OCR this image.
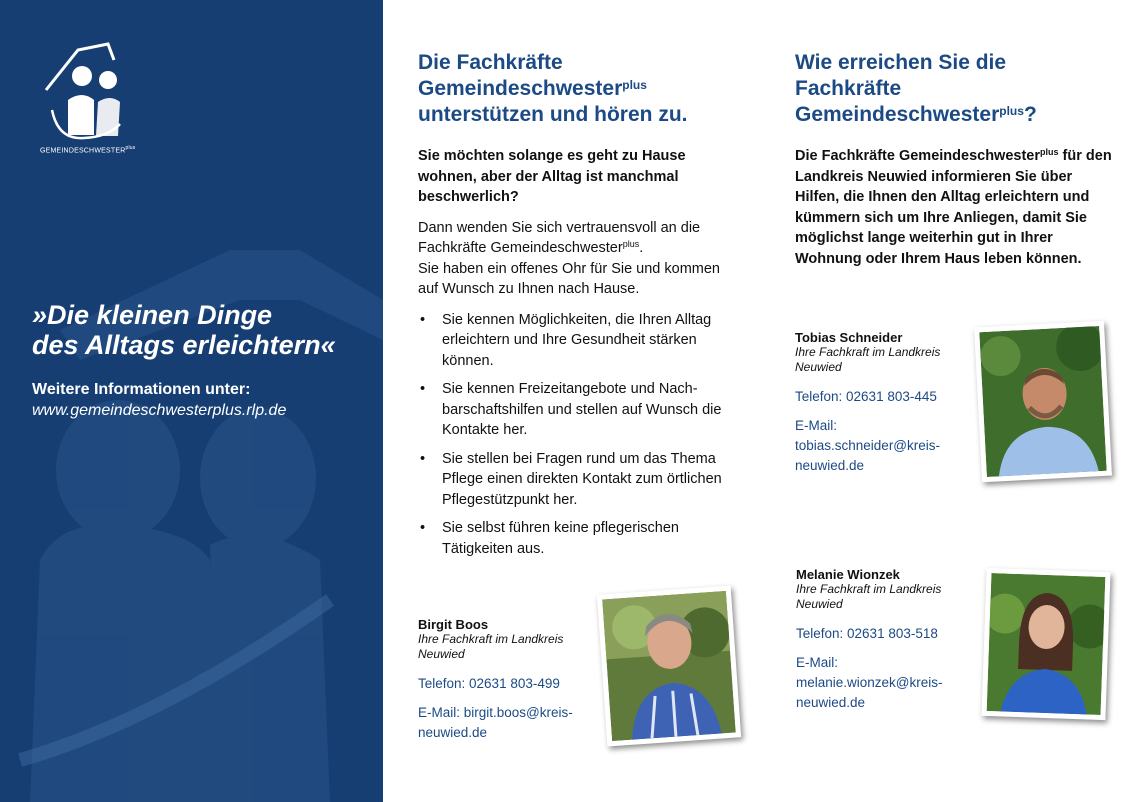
$GEMEINDESCHWESTER^{plus}$
»Die kleinen Dinge
des Alltags erleichtern«
Weitere Informationen unter:
www.gemeindeschwesterplus.rlp.de
Die Fachkräfte
Gemeindeschwester$^{plus}$
unterstützen und hören zu.
Sie möchten solange es geht zu Hause wohnen, aber der Alltag ist manchmal beschwerlich?
Dann wenden Sie sich vertrauensvoll an die Fachkräfte Gemeindeschwester$^{plus}$.
Sie haben ein offenes Ohr für Sie und kommen auf Wunsch zu Ihnen nach Hause.
• Sie kennen Möglichkeiten, die Ihren Alltag erleichtern und Ihre Gesundheit stärken können.
• Sie kennen Freizeitangebote und Nach-barschaftshilfen und stellen auf Wunsch die Kontakte her.
• Sie stellen bei Fragen rund um das Thema Pflege einen direkten Kontakt zum örtlichen Pflegestützpunkt her.
• Sie selbst führen keine pflegerischen Tätigkeiten aus.
Wie erreichen Sie die
Fachkräfte
Gemeindeschwester$^{plus}$?
Die Fachkräfte Gemeindeschwester$^{plus}$ für den Landkreis Neuwied informieren Sie über Hilfen, die Ihnen den Alltag erleichtern und kümmern sich um Ihre Anliegen, damit Sie möglichst lange weiterhin gut in Ihrer Wohnung oder Ihrem Haus leben können.
Birgit Boos
Ihre Fachkraft im Landkreis
Neuwied
Telefon: 02631 803-499
E-Mail: birgit.boos@kreis-
neuwied.de
Tobias Schneider
Ihre Fachkraft im Landkreis
Neuwied
Telefon: 02631 803-445
E-Mail:
tobias.schneider@kreis-
neuwied.de
Melanie Wionzek
Ihre Fachkraft im Landkreis
Neuwied
Telefon: 02631 803-518
E-Mail:
melanie.wionzek@kreis-
neuwied.de
